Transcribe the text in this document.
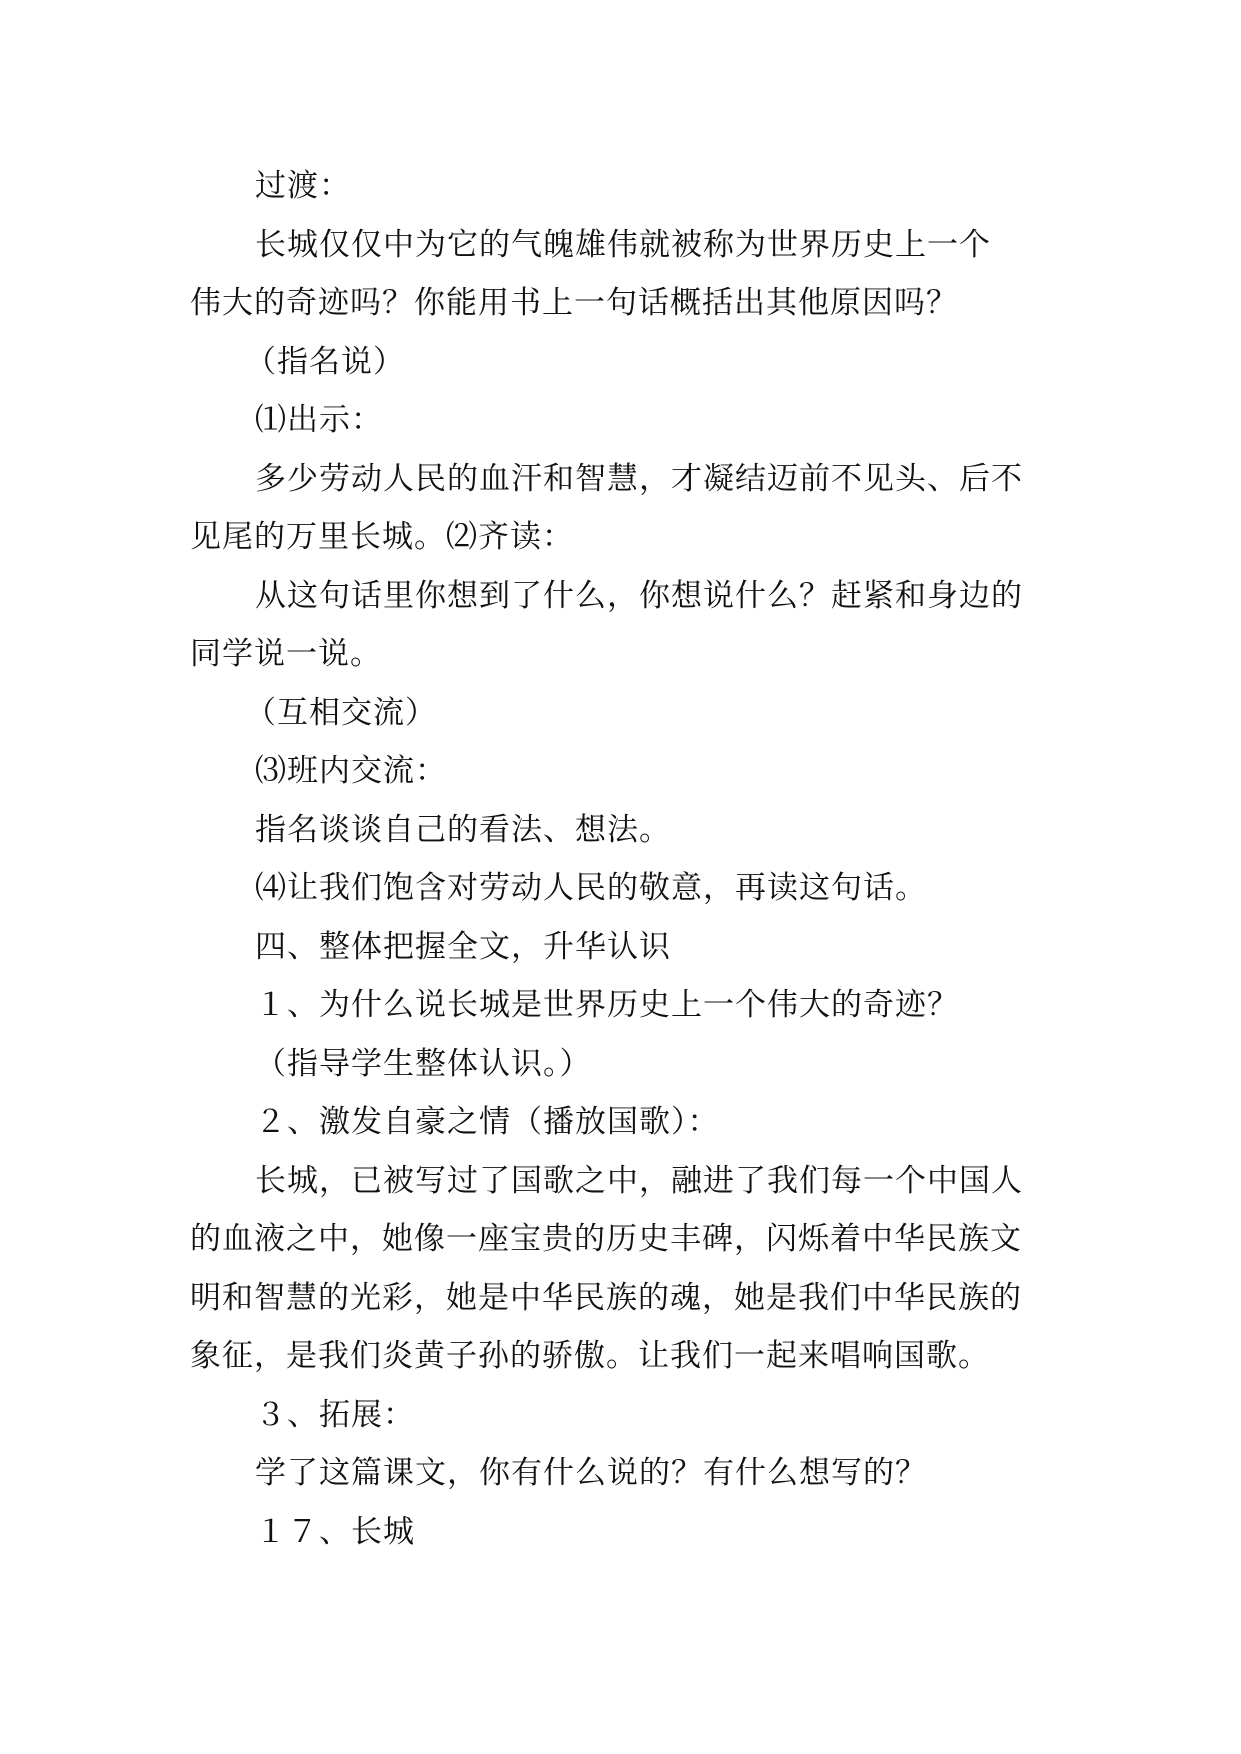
过渡：
长城仅仅中为它的气魄雄伟就被称为世界历史上一个
伟大的奇迹吗？你能用书上一句话概括出其他原因吗？
（指名说）
⑴出示：
多少劳动人民的血汗和智慧，才凝结迈前不见头、后不
见尾的万里长城。⑵齐读：
从这句话里你想到了什么，你想说什么？赶紧和身边的
同学说一说。
（互相交流）
⑶班内交流：
指名谈谈自己的看法、想法。
⑷让我们饱含对劳动人民的敬意，再读这句话。
四、整体把握全文，升华认识
１、为什么说长城是世界历史上一个伟大的奇迹？
（指导学生整体认识。）
２、激发自豪之情（播放国歌）：
长城，已被写过了国歌之中，融进了我们每一个中国人
的血液之中，她像一座宝贵的历史丰碑，闪烁着中华民族文
明和智慧的光彩，她是中华民族的魂，她是我们中华民族的
象征，是我们炎黄子孙的骄傲。让我们一起来唱响国歌。
３、拓展：
学了这篇课文，你有什么说的？有什么想写的？
１７、长城
